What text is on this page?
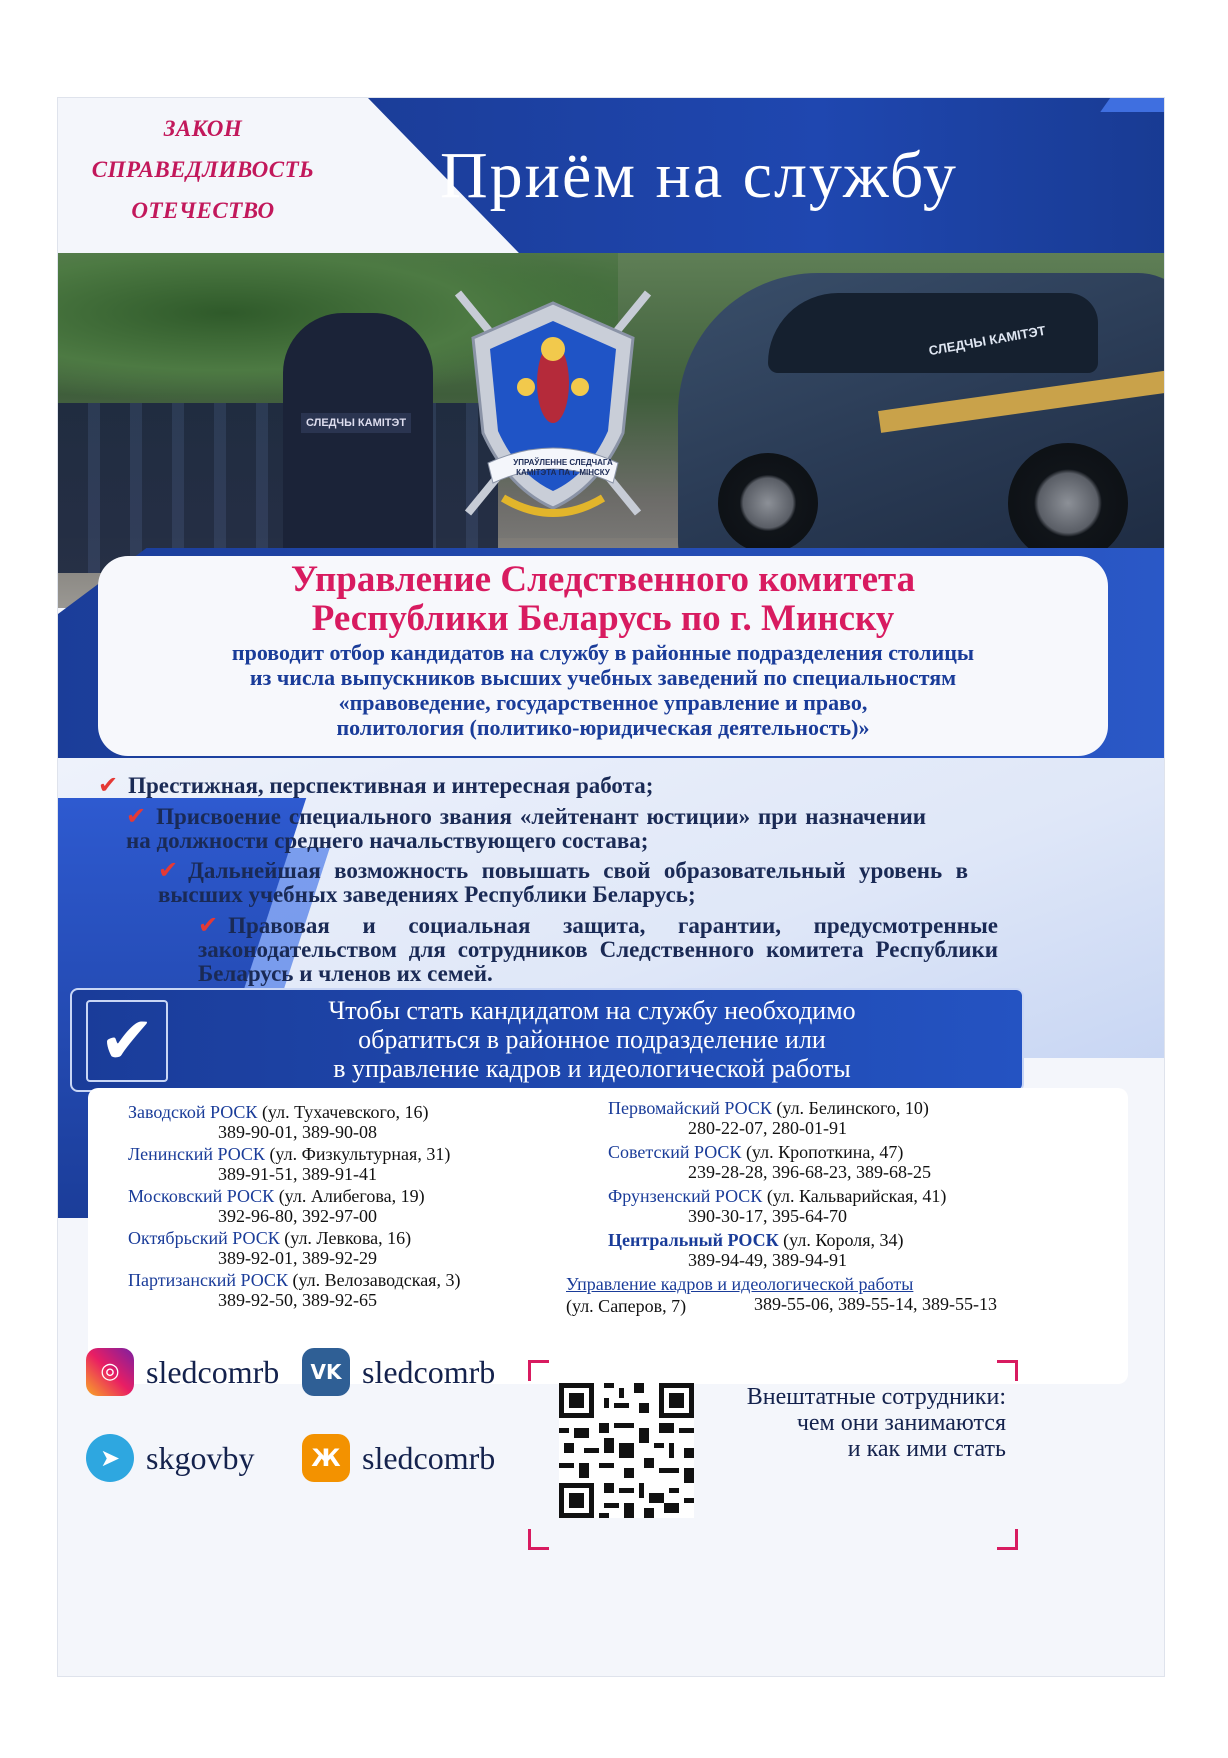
ЗАКОН
СПРАВЕДЛИВОСТЬ
ОТЕЧЕСТВО	Приём на службу
СЛЕДЧЫ КАМІТЭТ
СЛЕДЧЫ КАМІТЭТ
УПРАЎЛЕННЕ СЛЕДЧАГА КАМІТЭТА ПА г. МІНСКУ
Управление Следственного комитета
Республики Беларусь по г. Минску
проводит отбор кандидатов на службу в районные подразделения столицы
из числа выпускников высших учебных заведений по специальностям
«правоведение, государственное управление и право,
политология (политико-юридическая деятельность)»
✔ Престижная, перспективная и интересная работа;
✔ Присвоение специального звания «лейтенант юстиции» при назначении на должности среднего начальствующего состава;
✔ Дальнейшая возможность повышать свой образовательный уровень в высших учебных заведениях Республики Беларусь;
✔ Правовая и социальная защита, гарантии, предусмотренные законодательством для сотрудников Следственного комитета Республики Беларусь и членов их семей.
✔	Чтобы стать кандидатом на службу необходимо
обратиться в районное подразделение или
в управление кадров и идеологической работы
Заводской РОСК (ул. Тухачевского, 16)
389-90-01, 389-90-08
Ленинский РОСК (ул. Физкультурная, 31)
389-91-51, 389-91-41
Московский РОСК (ул. Алибегова, 19)
392-96-80, 392-97-00
Октябрьский РОСК (ул. Левкова, 16)
389-92-01, 389-92-29
Партизанский РОСК (ул. Велозаводская, 3)
389-92-50, 389-92-65
Первомайский РОСК (ул. Белинского, 10)
280-22-07, 280-01-91
Советский РОСК (ул. Кропоткина, 47)
239-28-28, 396-68-23, 389-68-25
Фрунзенский РОСК (ул. Кальварийская, 41)
390-30-17, 395-64-70
Центральный РОСК (ул. Короля, 34)
389-94-49, 389-94-91
Управление кадров и идеологической работы
389-55-06, 389-55-14, 389-55-13
(ул. Саперов, 7)
◎ sledcomrb	VK sledcomrb
➤ skgovby	Ж sledcomrb
Внештатные сотрудники:
чем они занимаются
и как ими стать
